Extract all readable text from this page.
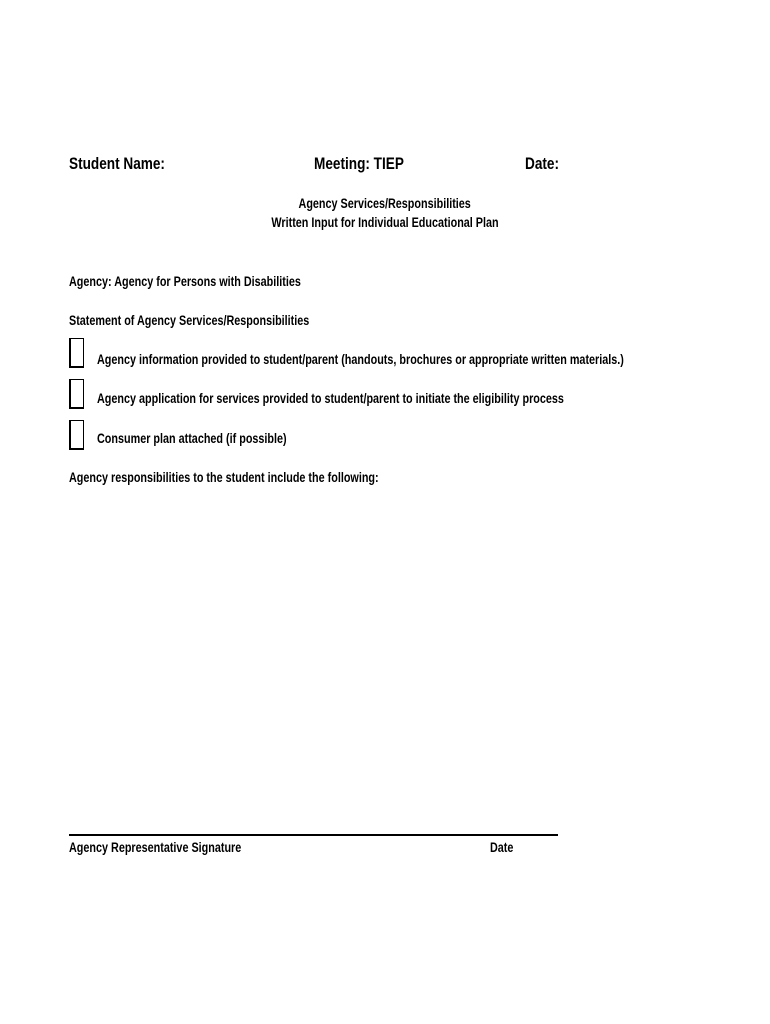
Student Name:	Meeting: TIEP	Date:
Agency Services/Responsibilities
Written Input for Individual Educational Plan
Agency: Agency for Persons with Disabilities
Statement of Agency Services/Responsibilities
Agency information provided to student/parent (handouts, brochures or appropriate written materials.)
Agency application for services provided to student/parent to initiate the eligibility process
Consumer plan attached (if possible)
Agency responsibilities to the student include the following:
Agency Representative Signature	Date
